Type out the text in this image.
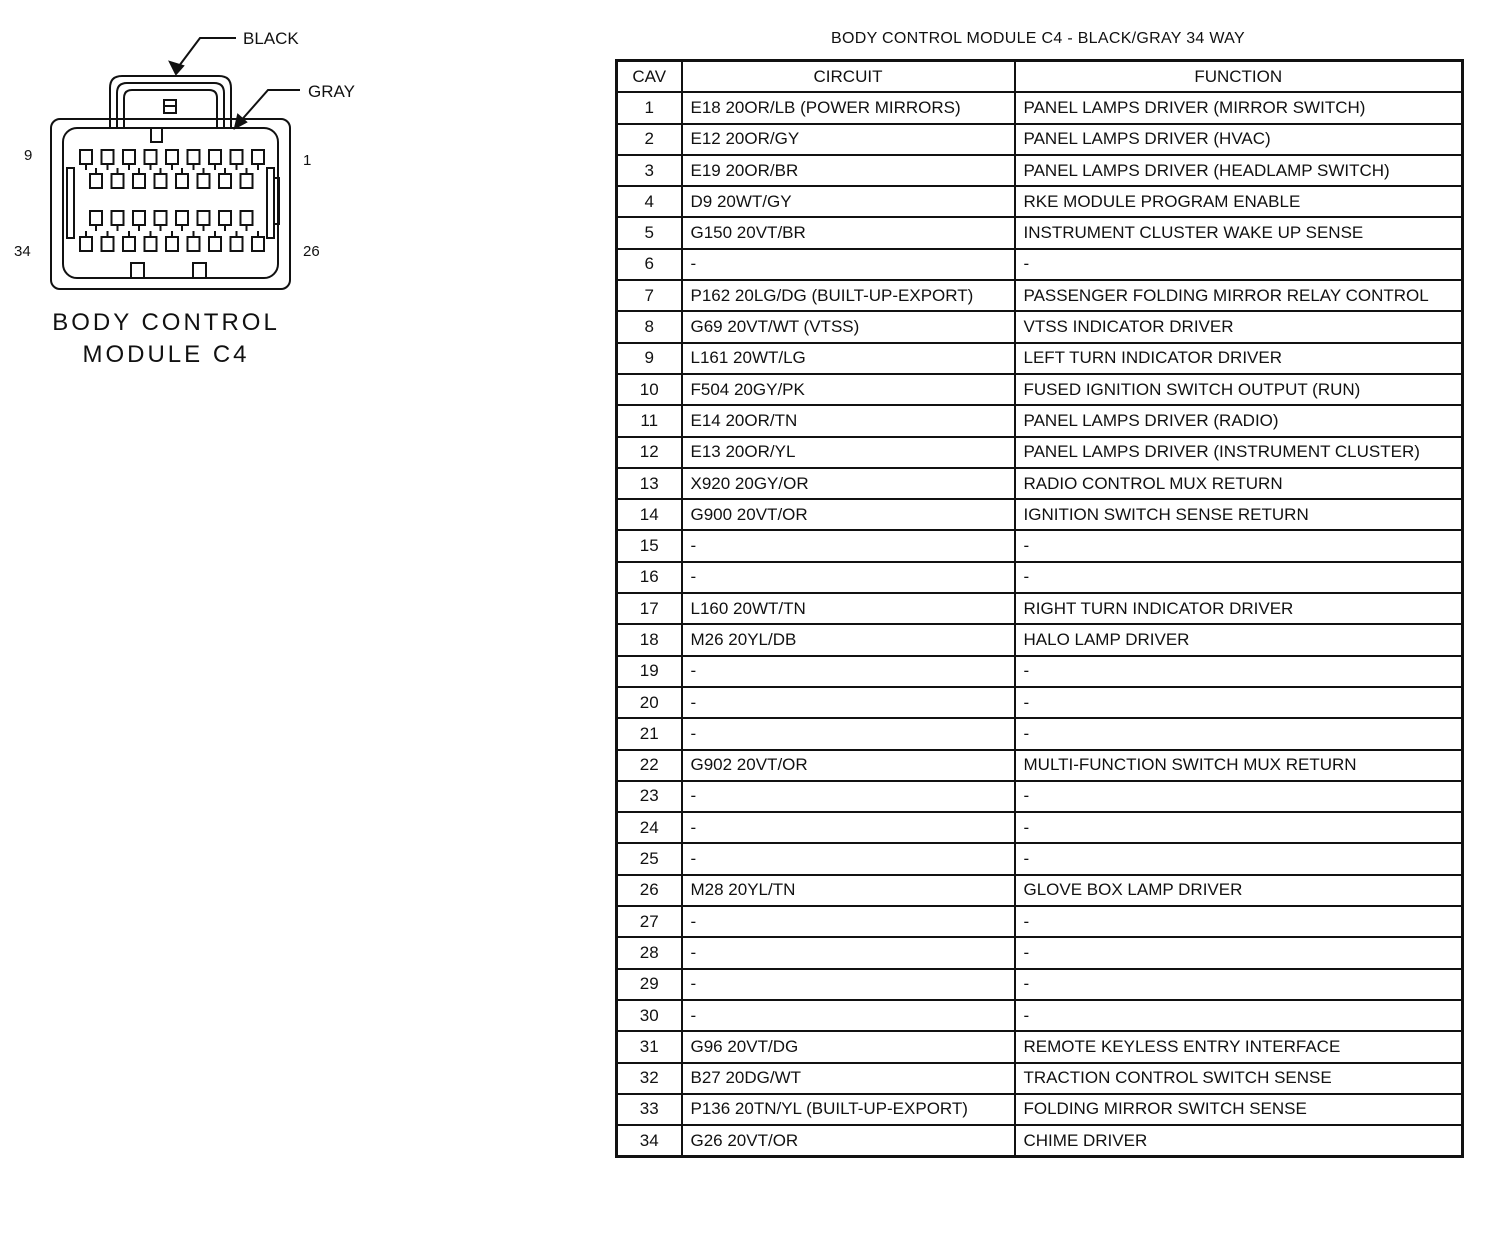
BLACK
GRAY
9	1
34	26
BODY CONTROL
MODULE C4
BODY CONTROL MODULE C4 - BLACK/GRAY 34 WAY
CAV	CIRCUIT	FUNCTION
1	E18 20OR/LB (POWER MIRRORS)	PANEL LAMPS DRIVER (MIRROR SWITCH)
2	E12 20OR/GY	PANEL LAMPS DRIVER (HVAC)
3	E19 20OR/BR	PANEL LAMPS DRIVER (HEADLAMP SWITCH)
4	D9 20WT/GY	RKE MODULE PROGRAM ENABLE
5	G150 20VT/BR	INSTRUMENT CLUSTER WAKE UP SENSE
6	-	-
7	P162 20LG/DG (BUILT-UP-EXPORT)	PASSENGER FOLDING MIRROR RELAY CONTROL
8	G69 20VT/WT (VTSS)	VTSS INDICATOR DRIVER
9	L161 20WT/LG	LEFT TURN INDICATOR DRIVER
10	F504 20GY/PK	FUSED IGNITION SWITCH OUTPUT (RUN)
11	E14 20OR/TN	PANEL LAMPS DRIVER (RADIO)
12	E13 20OR/YL	PANEL LAMPS DRIVER (INSTRUMENT CLUSTER)
13	X920 20GY/OR	RADIO CONTROL MUX RETURN
14	G900 20VT/OR	IGNITION SWITCH SENSE RETURN
15	-	-
16	-	-
17	L160 20WT/TN	RIGHT TURN INDICATOR DRIVER
18	M26 20YL/DB	HALO LAMP DRIVER
19	-	-
20	-	-
21	-	-
22	G902 20VT/OR	MULTI-FUNCTION SWITCH MUX RETURN
23	-	-
24	-	-
25	-	-
26	M28 20YL/TN	GLOVE BOX LAMP DRIVER
27	-	-
28	-	-
29	-	-
30	-	-
31	G96 20VT/DG	REMOTE KEYLESS ENTRY INTERFACE
32	B27 20DG/WT	TRACTION CONTROL SWITCH SENSE
33	P136 20TN/YL (BUILT-UP-EXPORT)	FOLDING MIRROR SWITCH SENSE
34	G26 20VT/OR	CHIME DRIVER
